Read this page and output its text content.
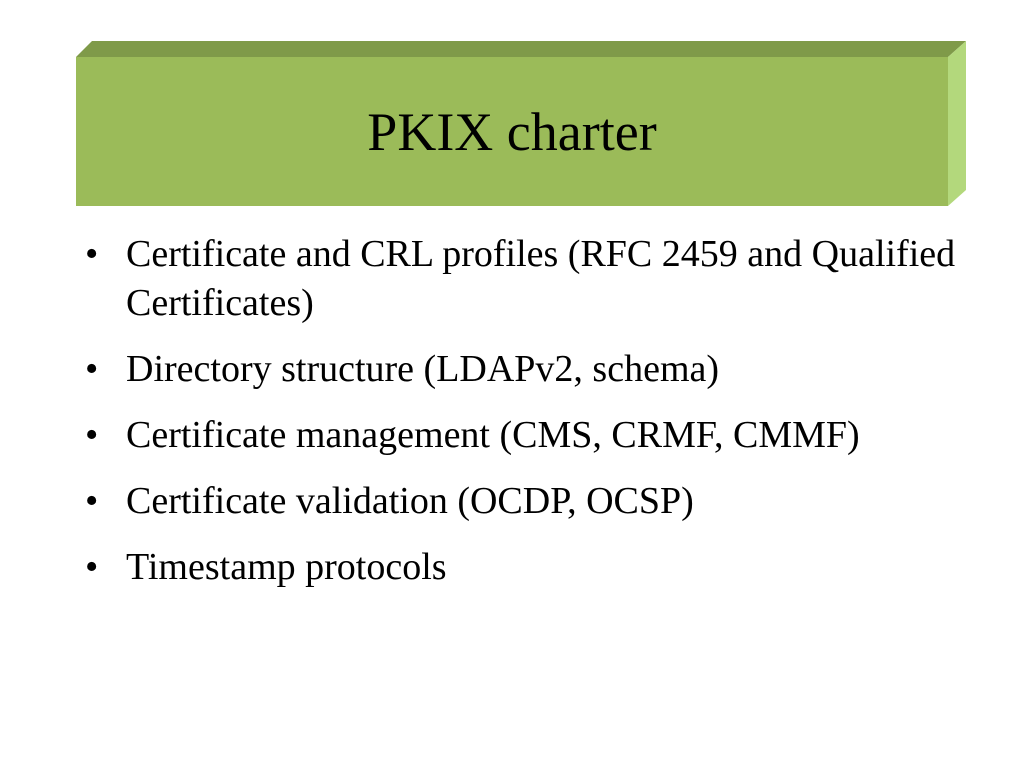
PKIX charter
• Certificate and CRL profiles (RFC 2459 and Qualified Certificates)
• Directory structure (LDAPv2, schema)
• Certificate management (CMS, CRMF, CMMF)
• Certificate validation (OCDP, OCSP)
• Timestamp protocols
